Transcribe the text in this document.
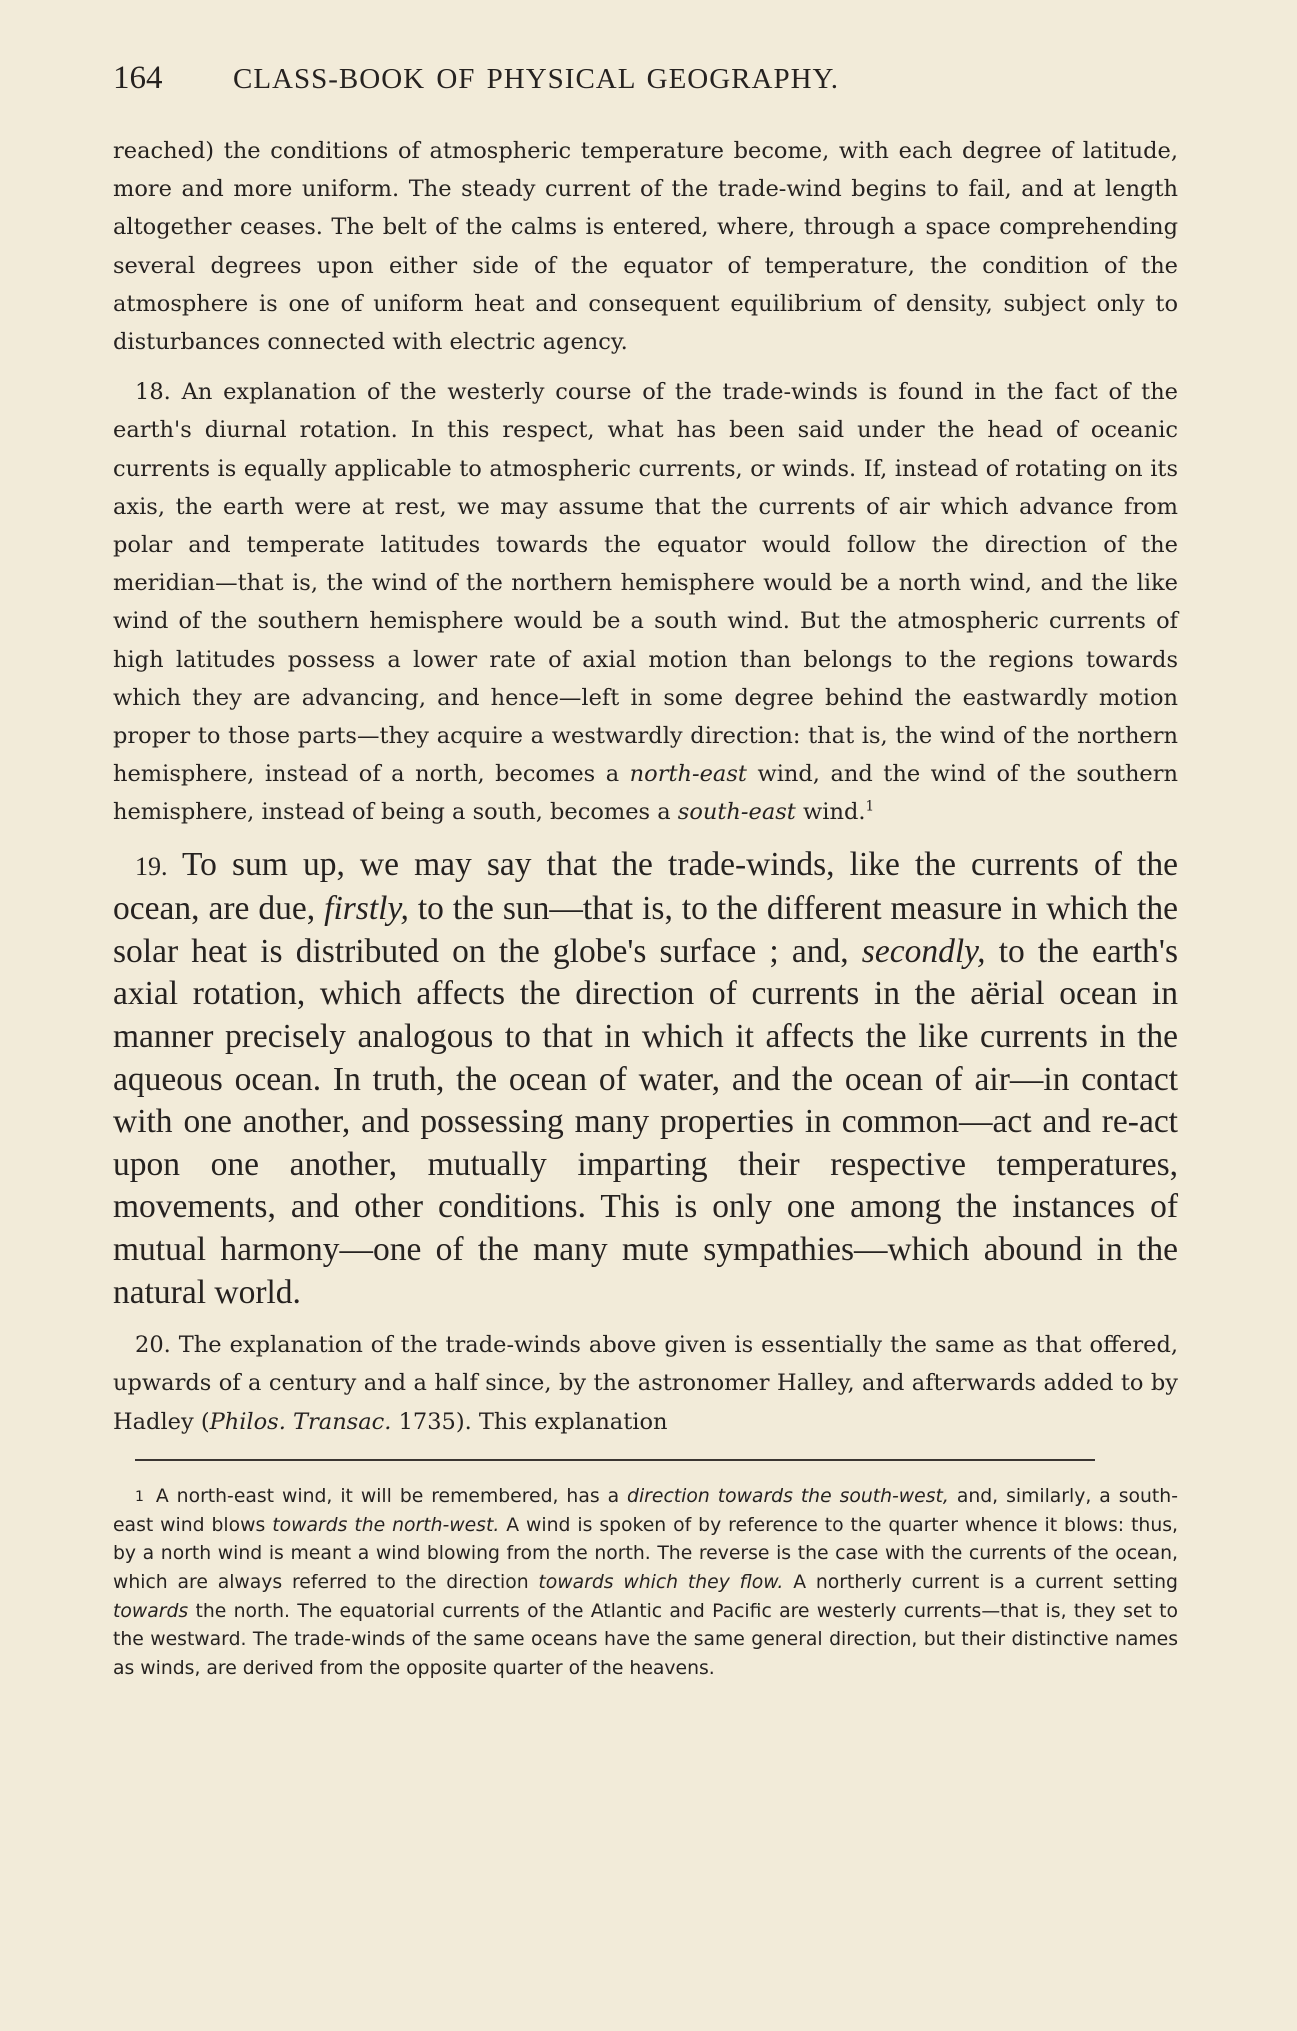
164	CLASS-BOOK OF PHYSICAL GEOGRAPHY.

reached) the conditions of atmospheric temperature become, with each degree of latitude, more and more uniform. The steady current of the trade-wind begins to fail, and at length altogether ceases. The belt of the calms is entered, where, through a space comprehending several degrees upon either side of the equator of temperature, the condition of the atmosphere is one of uniform heat and consequent equilibrium of density, subject only to disturbances connected with electric agency.

18. An explanation of the westerly course of the trade-winds is found in the fact of the earth's diurnal rotation. In this respect, what has been said under the head of oceanic currents is equally applicable to atmospheric currents, or winds. If, instead of rotating on its axis, the earth were at rest, we may assume that the currents of air which advance from polar and temperate latitudes towards the equator would follow the direction of the meridian—that is, the wind of the northern hemisphere would be a north wind, and the like wind of the southern hemisphere would be a south wind. But the atmospheric currents of high latitudes possess a lower rate of axial motion than belongs to the regions towards which they are advancing, and hence—left in some degree behind the eastwardly motion proper to those parts—they acquire a westwardly direction: that is, the wind of the northern hemisphere, instead of a north, becomes a north-east wind, and the wind of the southern hemisphere, instead of being a south, becomes a south-east wind.$^1$

19. To sum up, we may say that the trade-winds, like the currents of the ocean, are due, firstly, to the sun—that is, to the different measure in which the solar heat is distributed on the globe's surface ; and, secondly, to the earth's axial rotation, which affects the direction of currents in the aërial ocean in manner precisely analogous to that in which it affects the like currents in the aqueous ocean. In truth, the ocean of water, and the ocean of air—in contact with one another, and possessing many properties in common—act and re-act upon one another, mutually imparting their respective temperatures, movements, and other conditions. This is only one among the instances of mutual harmony—one of the many mute sympathies—which abound in the natural world.

20. The explanation of the trade-winds above given is essentially the same as that offered, upwards of a century and a half since, by the astronomer Halley, and afterwards added to by Hadley (Philos. Transac. 1735). This explanation

$^1$ A north-east wind, it will be remembered, has a direction towards the south-west, and, similarly, a south-east wind blows towards the north-west. A wind is spoken of by reference to the quarter whence it blows: thus, by a north wind is meant a wind blowing from the north. The reverse is the case with the currents of the ocean, which are always referred to the direction towards which they flow. A northerly current is a current setting towards the north. The equatorial currents of the Atlantic and Pacific are westerly currents—that is, they set to the westward. The trade-winds of the same oceans have the same general direction, but their distinctive names as winds, are derived from the opposite quarter of the heavens.
